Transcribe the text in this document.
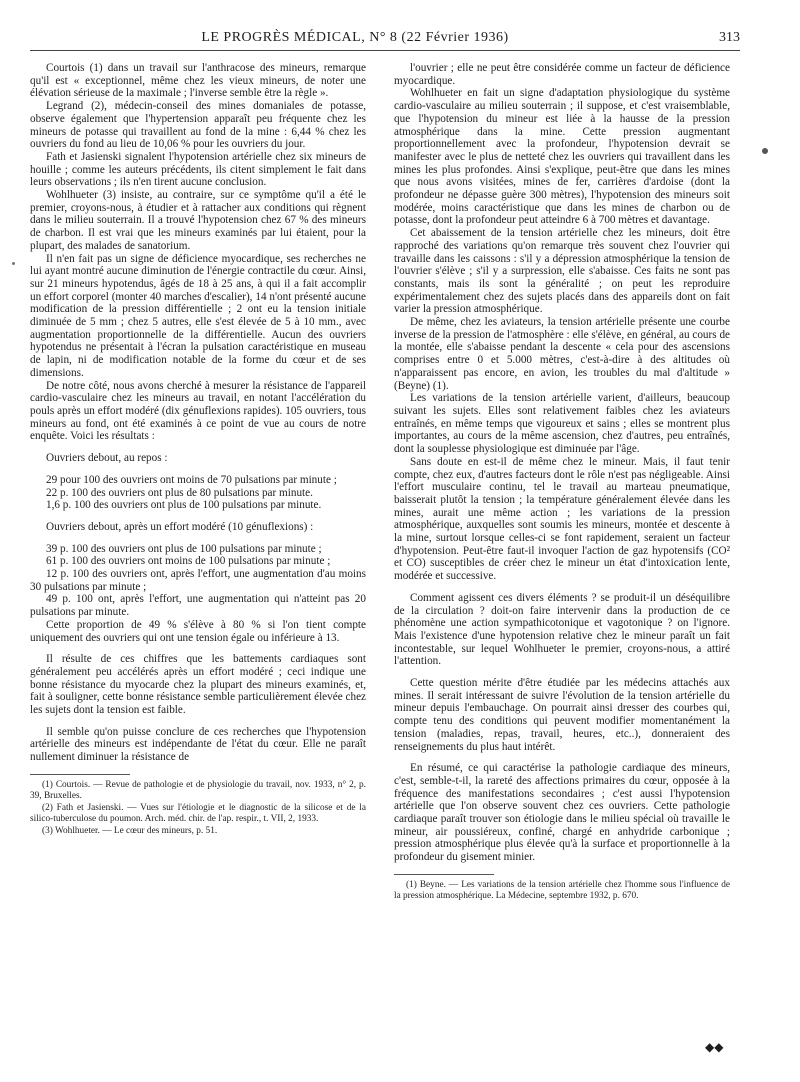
LE PROGRÈS MÉDICAL, N° 8 (22 Février 1936)	313

Courtois (1) dans un travail sur l'anthracose des mineurs, remarque qu'il est « exceptionnel, même chez les vieux mineurs, de noter une élévation sérieuse de la maximale ; l'inverse semble être la règle ».

Legrand (2), médecin-conseil des mines domaniales de potasse, observe également que l'hypertension apparaît peu fréquente chez les mineurs de potasse qui travaillent au fond de la mine : 6,44 % chez les ouvriers du fond au lieu de 10,06 % pour les ouvriers du jour.

Fath et Jasienski signalent l'hypotension artérielle chez six mineurs de houille ; comme les auteurs précédents, ils citent simplement le fait dans leurs observations ; ils n'en tirent aucune conclusion.

Wohlhueter (3) insiste, au contraire, sur ce symptôme qu'il a été le premier, croyons-nous, à étudier et à rattacher aux conditions qui règnent dans le milieu souterrain. Il a trouvé l'hypotension chez 67 % des mineurs de charbon. Il est vrai que les mineurs examinés par lui étaient, pour la plupart, des malades de sanatorium.

Il n'en fait pas un signe de déficience myocardique, ses recherches ne lui ayant montré aucune diminution de l'énergie contractile du cœur. Ainsi, sur 21 mineurs hypotendus, âgés de 18 à 25 ans, à qui il a fait accomplir un effort corporel (monter 40 marches d'escalier), 14 n'ont présenté aucune modification de la pression différentielle ; 2 ont eu la tension initiale diminuée de 5 mm ; chez 5 autres, elle s'est élevée de 5 à 10 mm., avec augmentation proportionnelle de la différentielle. Aucun des ouvriers hypotendus ne présentait à l'écran la pulsation caractéristique en museau de lapin, ni de modification notable de la forme du cœur et de ses dimensions.

De notre côté, nous avons cherché à mesurer la résistance de l'appareil cardio-vasculaire chez les mineurs au travail, en notant l'accélération du pouls après un effort modéré (dix génuflexions rapides). 105 ouvriers, tous mineurs au fond, ont été examinés à ce point de vue au cours de notre enquête. Voici les résultats :

Ouvriers debout, au repos :

29 pour 100 des ouvriers ont moins de 70 pulsations par minute ;

22 p. 100 des ouvriers ont plus de 80 pulsations par minute.

1,6 p. 100 des ouvriers ont plus de 100 pulsations par minute.

Ouvriers debout, après un effort modéré (10 génuflexions) :

39 p. 100 des ouvriers ont plus de 100 pulsations par minute ;

61 p. 100 des ouvriers ont moins de 100 pulsations par minute ;

12 p. 100 des ouvriers ont, après l'effort, une augmentation d'au moins 30 pulsations par minute ;

49 p. 100 ont, après l'effort, une augmentation qui n'atteint pas 20 pulsations par minute.

Cette proportion de 49 % s'élève à 80 % si l'on tient compte uniquement des ouvriers qui ont une tension égale ou inférieure à 13.

Il résulte de ces chiffres que les battements cardiaques sont généralement peu accélérés après un effort modéré ; ceci indique une bonne résistance du myocarde chez la plupart des mineurs examinés, et, fait à souligner, cette bonne résistance semble particulièrement élevée chez les sujets dont la tension est faible.

Il semble qu'on puisse conclure de ces recherches que l'hypotension artérielle des mineurs est indépendante de l'état du cœur. Elle ne paraît nullement diminuer la résistance de

(1) Courtois. — Revue de pathologie et de physiologie du travail, nov. 1933, n° 2, p. 39, Bruxelles.

(2) Fath et Jasienski. — Vues sur l'étiologie et le diagnostic de la silicose et de la silico-tuberculose du poumon. Arch. méd. chir. de l'ap. respir., t. VII, 2, 1933.

(3) Wohlhueter. — Le cœur des mineurs, p. 51.

l'ouvrier ; elle ne peut être considérée comme un facteur de déficience myocardique.

Wohlhueter en fait un signe d'adaptation physiologique du système cardio-vasculaire au milieu souterrain ; il suppose, et c'est vraisemblable, que l'hypotension du mineur est liée à la hausse de la pression atmosphérique dans la mine. Cette pression augmentant proportionnellement avec la profondeur, l'hypotension devrait se manifester avec le plus de netteté chez les ouvriers qui travaillent dans les mines les plus profondes. Ainsi s'explique, peut-être que dans les mines que nous avons visitées, mines de fer, carrières d'ardoise (dont la profondeur ne dépasse guère 300 mètres), l'hypotension des mineurs soit modérée, moins caractéristique que dans les mines de charbon ou de potasse, dont la profondeur peut atteindre 6 à 700 mètres et davantage.

Cet abaissement de la tension artérielle chez les mineurs, doit être rapproché des variations qu'on remarque très souvent chez l'ouvrier qui travaille dans les caissons : s'il y a dépression atmosphérique la tension de l'ouvrier s'élève ; s'il y a surpression, elle s'abaisse. Ces faits ne sont pas constants, mais ils sont la généralité ; on peut les reproduire expérimentalement chez des sujets placés dans des appareils dont on fait varier la pression atmosphérique.

De même, chez les aviateurs, la tension artérielle présente une courbe inverse de la pression de l'atmosphère : elle s'élève, en général, au cours de la montée, elle s'abaisse pendant la descente « cela pour des ascensions comprises entre 0 et 5.000 mètres, c'est-à-dire à des altitudes où n'apparaissent pas encore, en avion, les troubles du mal d'altitude » (Beyne) (1).

Les variations de la tension artérielle varient, d'ailleurs, beaucoup suivant les sujets. Elles sont relativement faibles chez les aviateurs entraînés, en même temps que vigoureux et sains ; elles se montrent plus importantes, au cours de la même ascension, chez d'autres, peu entraînés, dont la souplesse physiologique est diminuée par l'âge.

Sans doute en est-il de même chez le mineur. Mais, il faut tenir compte, chez eux, d'autres facteurs dont le rôle n'est pas négligeable. Ainsi l'effort musculaire continu, tel le travail au marteau pneumatique, baisserait plutôt la tension ; la température généralement élevée dans les mines, aurait une même action ; les variations de la pression atmosphérique, auxquelles sont soumis les mineurs, montée et descente à la mine, surtout lorsque celles-ci se font rapidement, seraient un facteur d'hypotension. Peut-être faut-il invoquer l'action de gaz hypotensifs (CO² et CO) susceptibles de créer chez le mineur un état d'intoxication lente, modérée et successive.

Comment agissent ces divers éléments ? se produit-il un déséquilibre de la circulation ? doit-on faire intervenir dans la production de ce phénomène une action sympathicotonique et vagotonique ? on l'ignore. Mais l'existence d'une hypotension relative chez le mineur paraît un fait incontestable, sur lequel Wohlhueter le premier, croyons-nous, a attiré l'attention.

Cette question mérite d'être étudiée par les médecins attachés aux mines. Il serait intéressant de suivre l'évolution de la tension artérielle du mineur depuis l'embauchage. On pourrait ainsi dresser des courbes qui, compte tenu des conditions qui peuvent modifier momentanément la tension (maladies, repas, travail, heures, etc..), donneraient des renseignements du plus haut intérêt.

En résumé, ce qui caractérise la pathologie cardiaque des mineurs, c'est, semble-t-il, la rareté des affections primaires du cœur, opposée à la fréquence des manifestations secondaires ; c'est aussi l'hypotension artérielle que l'on observe souvent chez ces ouvriers. Cette pathologie cardiaque paraît trouver son étiologie dans le milieu spécial où travaille le mineur, air poussiéreux, confiné, chargé en anhydride carbonique ; pression atmosphérique plus élevée qu'à la surface et proportionnelle à la profondeur du gisement minier.

(1) Beyne. — Les variations de la tension artérielle chez l'homme sous l'influence de la pression atmosphérique. La Médecine, septembre 1932, p. 670.

◆◆
